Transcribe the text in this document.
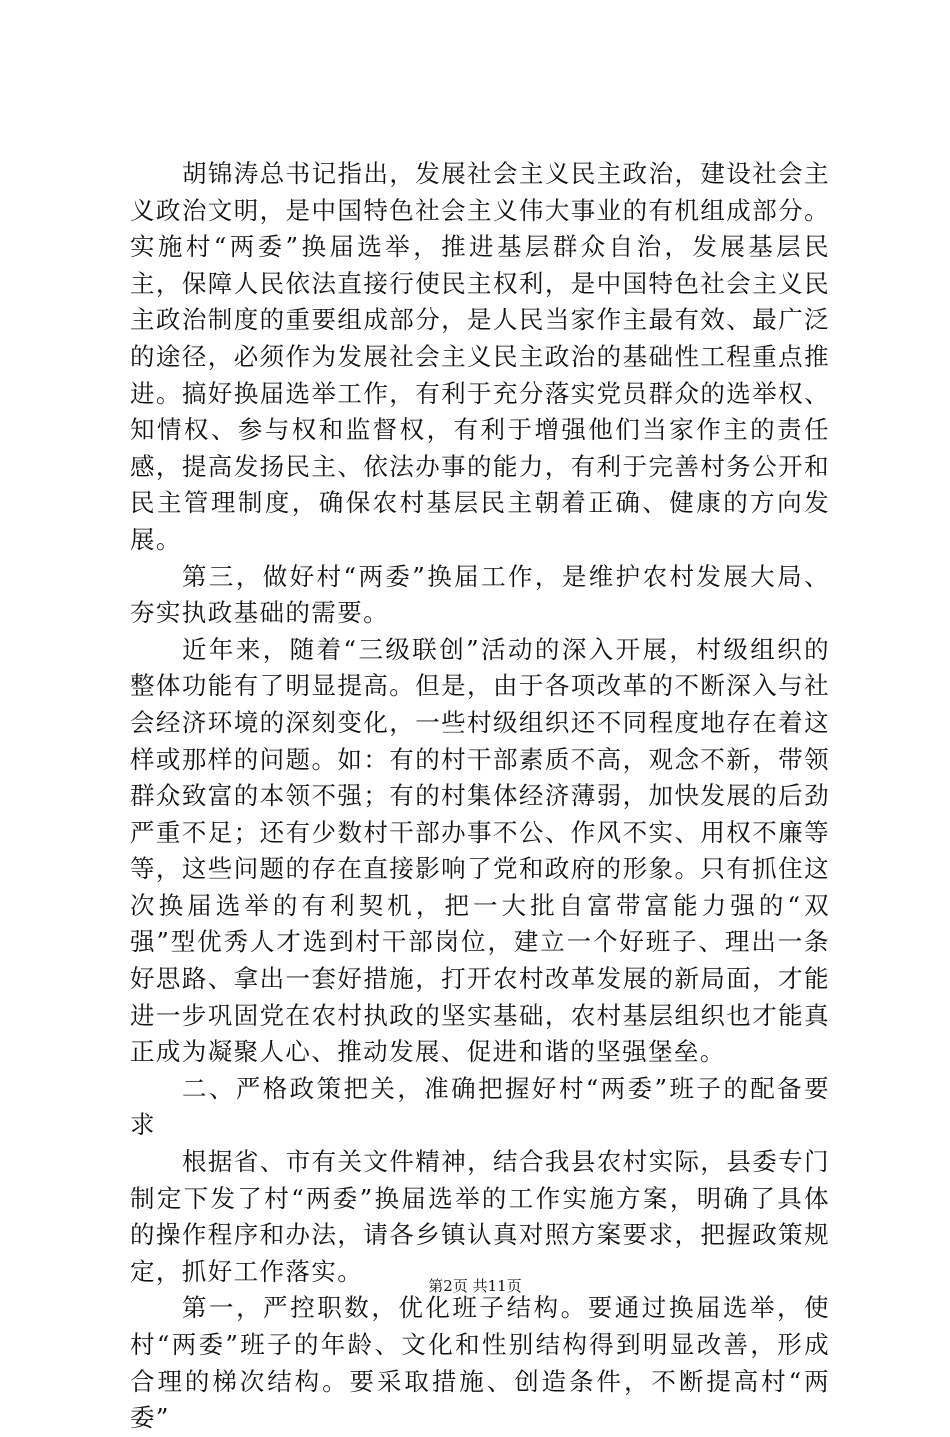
胡锦涛总书记指出，发展社会主义民主政治，建设社会主义政治文明，是中国特色社会主义伟大事业的有机组成部分。实施村“两委”换届选举，推进基层群众自治，发展基层民主，保障人民依法直接行使民主权利，是中国特色社会主义民主政治制度的重要组成部分，是人民当家作主最有效、最广泛的途径，必须作为发展社会主义民主政治的基础性工程重点推进。搞好换届选举工作，有利于充分落实党员群众的选举权、知情权、参与权和监督权，有利于增强他们当家作主的责任感，提高发扬民主、依法办事的能力，有利于完善村务公开和民主管理制度，确保农村基层民主朝着正确、健康的方向发展。

第三，做好村“两委”换届工作，是维护农村发展大局、夯实执政基础的需要。

近年来，随着“三级联创”活动的深入开展，村级组织的整体功能有了明显提高。但是，由于各项改革的不断深入与社会经济环境的深刻变化，一些村级组织还不同程度地存在着这样或那样的问题。如：有的村干部素质不高，观念不新，带领群众致富的本领不强；有的村集体经济薄弱，加快发展的后劲严重不足；还有少数村干部办事不公、作风不实、用权不廉等等，这些问题的存在直接影响了党和政府的形象。只有抓住这次换届选举的有利契机，把一大批自富带富能力强的“双强”型优秀人才选到村干部岗位，建立一个好班子、理出一条好思路、拿出一套好措施，打开农村改革发展的新局面，才能进一步巩固党在农村执政的坚实基础，农村基层组织也才能真正成为凝聚人心、推动发展、促进和谐的坚强堡垒。

二、严格政策把关，准确把握好村“两委”班子的配备要求

根据省、市有关文件精神，结合我县农村实际，县委专门制定下发了村“两委”换届选举的工作实施方案，明确了具体的操作程序和办法，请各乡镇认真对照方案要求，把握政策规定，抓好工作落实。

第一，严控职数，优化班子结构。要通过换届选举，使村“两委”班子的年龄、文化和性别结构得到明显改善，形成合理的梯次结构。要采取措施、创造条件，不断提高村“两委”

第2页 共11页
